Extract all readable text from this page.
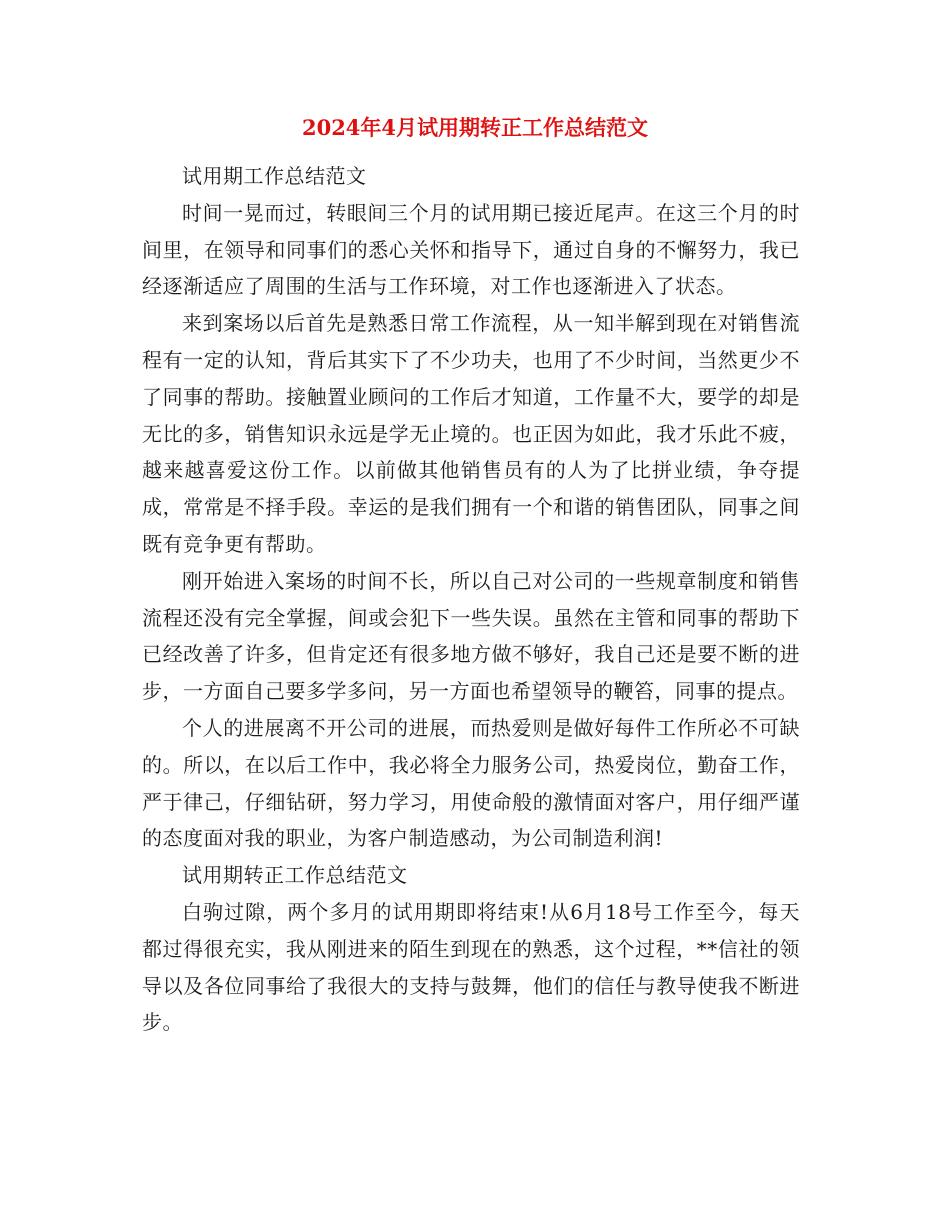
2024年4月试用期转正工作总结范文

试用期工作总结范文

时间一晃而过，转眼间三个月的试用期已接近尾声。在这三个月的时间里，在领导和同事们的悉心关怀和指导下，通过自身的不懈努力，我已经逐渐适应了周围的生活与工作环境，对工作也逐渐进入了状态。

来到案场以后首先是熟悉日常工作流程，从一知半解到现在对销售流程有一定的认知，背后其实下了不少功夫，也用了不少时间，当然更少不了同事的帮助。接触置业顾问的工作后才知道，工作量不大，要学的却是无比的多，销售知识永远是学无止境的。也正因为如此，我才乐此不疲，越来越喜爱这份工作。以前做其他销售员有的人为了比拼业绩，争夺提成，常常是不择手段。幸运的是我们拥有一个和谐的销售团队，同事之间既有竞争更有帮助。

刚开始进入案场的时间不长，所以自己对公司的一些规章制度和销售流程还没有完全掌握，间或会犯下一些失误。虽然在主管和同事的帮助下已经改善了许多，但肯定还有很多地方做不够好，我自己还是要不断的进步，一方面自己要多学多问，另一方面也希望领导的鞭笞，同事的提点。

个人的进展离不开公司的进展，而热爱则是做好每件工作所必不可缺的。所以，在以后工作中，我必将全力服务公司，热爱岗位，勤奋工作，严于律己，仔细钻研，努力学习，用使命般的激情面对客户，用仔细严谨的态度面对我的职业，为客户制造感动，为公司制造利润!

试用期转正工作总结范文

白驹过隙，两个多月的试用期即将结束!从6月18号工作至今，每天都过得很充实，我从刚进来的陌生到现在的熟悉，这个过程，**信社的领导以及各位同事给了我很大的支持与鼓舞，他们的信任与教导使我不断进步。
